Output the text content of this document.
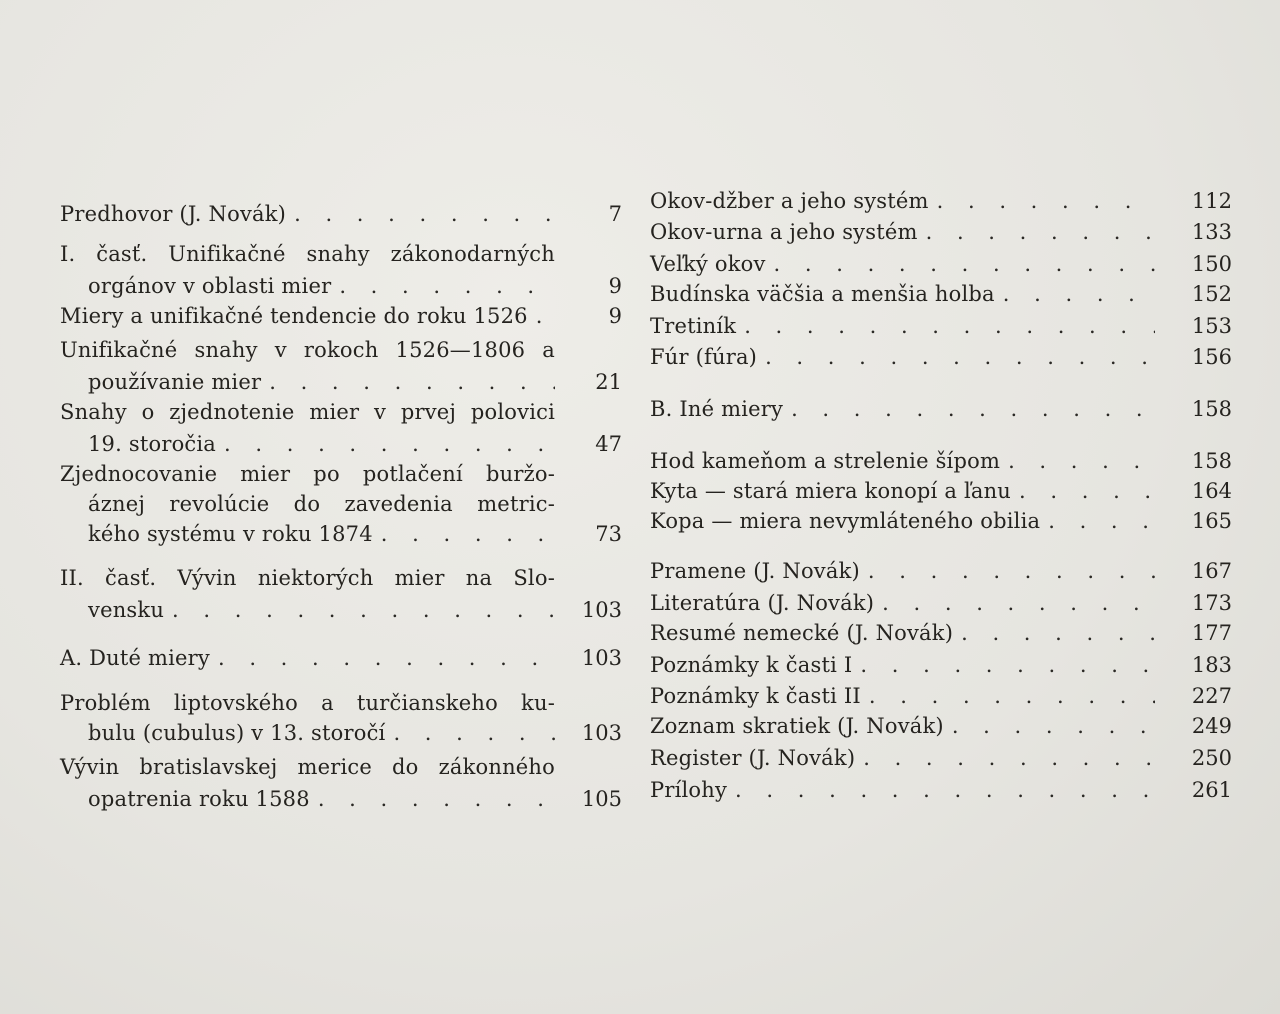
Predhovor (J. Novák) . . .	7
I. časť. Unifikačné snahy zákonodarných
orgánov v oblasti mier . . .	9
Miery a unifikačné tendencie do roku 1526 . . .	9
Unifikačné snahy v rokoch 1526—1806 a
používanie mier . . .	21
Snahy o zjednotenie mier v prvej polovici
19. storočia . . .	47
Zjednocovanie mier po potlačení buržo-
áznej revolúcie do zavedenia metric-
kého systému v roku 1874 . . .	73
II. časť. Vývin niektorých mier na Slo-
vensku . . .	103
A. Duté miery . . .	103
Problém liptovského a turčianskeho ku-
bulu (cubulus) v 13. storočí . . .	103
Vývin bratislavskej merice do zákonného
opatrenia roku 1588 . . .	105
Okov-džber a jeho systém . . .	112
Okov-urna a jeho systém . . .	133
Veľký okov . . .	150
Budínska väčšia a menšia holba . . .	152
Tretiník . . .	153
Fúr (fúra) . . .	156
B. Iné miery . . .	158
Hod kameňom a strelenie šípom . . .	158
Kyta — stará miera konopí a ľanu . . .	164
Kopa — miera nevymláteného obilia . . .	165
Pramene (J. Novák) . . .	167
Literatúra (J. Novák) . . .	173
Resumé nemecké (J. Novák) . . .	177
Poznámky k časti I . . .	183
Poznámky k časti II . . .	227
Zoznam skratiek (J. Novák) . . .	249
Register (J. Novák) . . .	250
Prílohy . . .	261
